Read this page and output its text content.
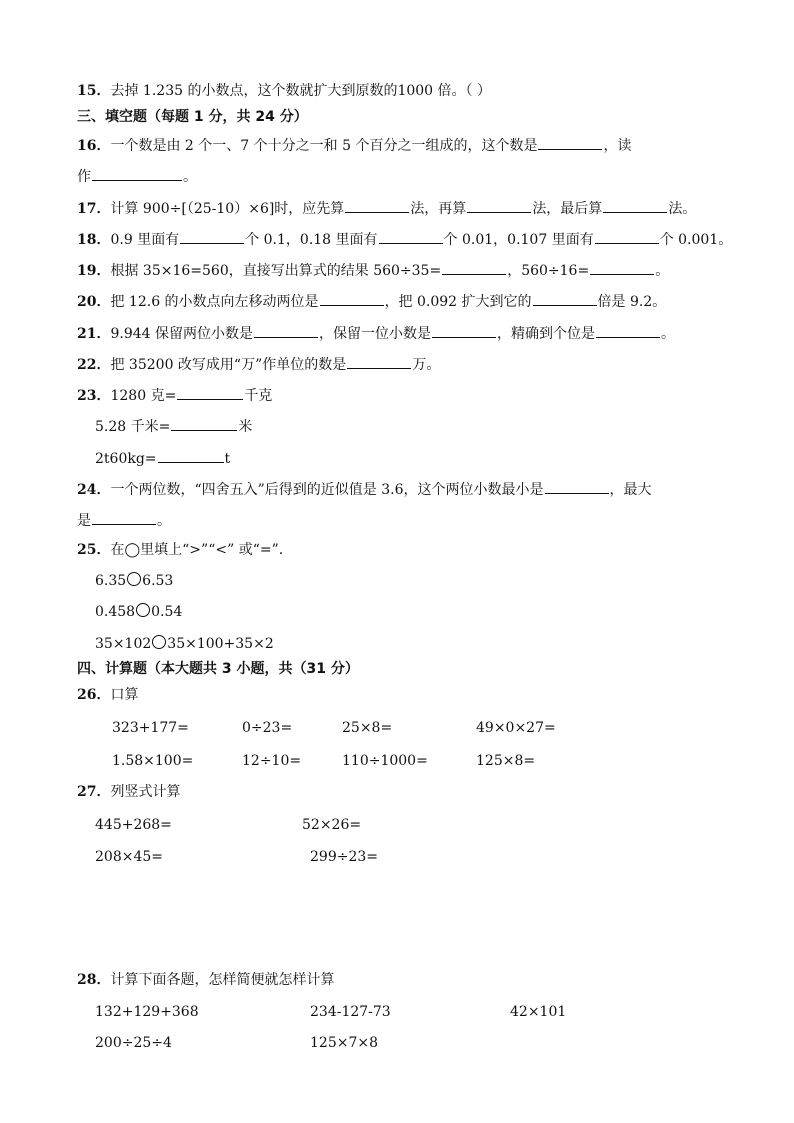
15．去掉 1.235 的小数点，这个数就扩大到原数的1000 倍。（ ）
三、填空题（每题 1 分，共 24 分）
16．一个数是由 2 个一、7 个十分之一和 5 个百分之一组成的，这个数是	，读
作	。
17．计算 900÷[（25-10）×6]时，应先算	法，再算	法，最后算	法。
18．0.9 里面有	个 0.1，0.18 里面有	个 0.01，0.107 里面有	个 0.001。
19．根据 35×16=560，直接写出算式的结果 560÷35=	，560÷16=	。
20．把 12.6 的小数点向左移动两位是	，把 0.092 扩大到它的	倍是 9.2。
21．9.944 保留两位小数是	，保留一位小数是	，精确到个位是	。
22．把 35200 改写成用“万”作单位的数是	万。
23．1280 克=	千克
5.28 千米=	米
2t60kg=	t
24．一个两位数，“四舍五入”后得到的近似值是 3.6，这个两位小数最小是	，最大
是	。
25．在◯里填上“>”“<” 或“=”.
6.35 6.53
0.458 0.54
35×102 35×100+35×2
四、计算题（本大题共 3 小题，共（31 分）
26．口算
323+177=	0÷23=	25×8=	49×0×27=
1.58×100=	12÷10=	110÷1000=	125×8=
27．列竖式计算
445+268=	52×26=
208×45=	299÷23=
28．计算下面各题，怎样简便就怎样计算
132+129+368	234-127-73	42×101
200÷25÷4	125×7×8
